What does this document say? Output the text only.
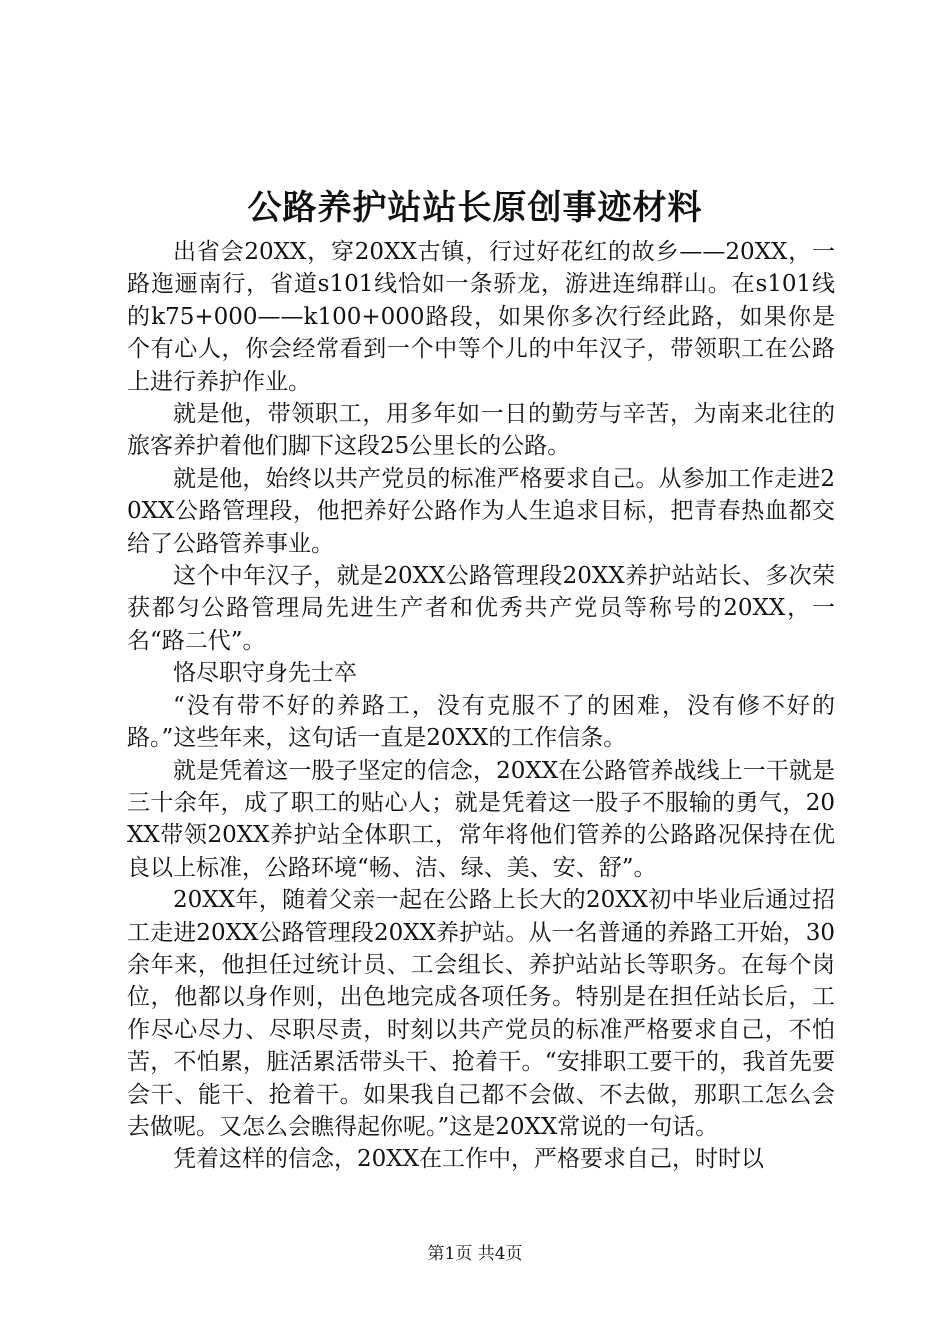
公路养护站站长原创事迹材料

出省会20XX，穿20XX古镇，行过好花红的故乡——20XX，一路迤逦南行，省道s101线恰如一条骄龙，游进连绵群山。在s101线的k75+000——k100+000路段，如果你多次行经此路，如果你是个有心人，你会经常看到一个中等个儿的中年汉子，带领职工在公路上进行养护作业。

就是他，带领职工，用多年如一日的勤劳与辛苦，为南来北往的旅客养护着他们脚下这段25公里长的公路。

就是他，始终以共产党员的标准严格要求自己。从参加工作走进20XX公路管理段，他把养好公路作为人生追求目标，把青春热血都交给了公路管养事业。

这个中年汉子，就是20XX公路管理段20XX养护站站长、多次荣获都匀公路管理局先进生产者和优秀共产党员等称号的20XX，一名“路二代”。

恪尽职守身先士卒

“没有带不好的养路工，没有克服不了的困难，没有修不好的路。”这些年来，这句话一直是20XX的工作信条。

就是凭着这一股子坚定的信念，20XX在公路管养战线上一干就是三十余年，成了职工的贴心人；就是凭着这一股子不服输的勇气，20XX带领20XX养护站全体职工，常年将他们管养的公路路况保持在优良以上标准，公路环境“畅、洁、绿、美、安、舒”。

20XX年，随着父亲一起在公路上长大的20XX初中毕业后通过招工走进20XX公路管理段20XX养护站。从一名普通的养路工开始，30余年来，他担任过统计员、工会组长、养护站站长等职务。在每个岗位，他都以身作则，出色地完成各项任务。特别是在担任站长后，工作尽心尽力、尽职尽责，时刻以共产党员的标准严格要求自己，不怕苦，不怕累，脏活累活带头干、抢着干。“安排职工要干的，我首先要会干、能干、抢着干。如果我自己都不会做、不去做，那职工怎么会去做呢。又怎么会瞧得起你呢。”这是20XX常说的一句话。

凭着这样的信念，20XX在工作中，严格要求自己，时时以

第1页 共4页
